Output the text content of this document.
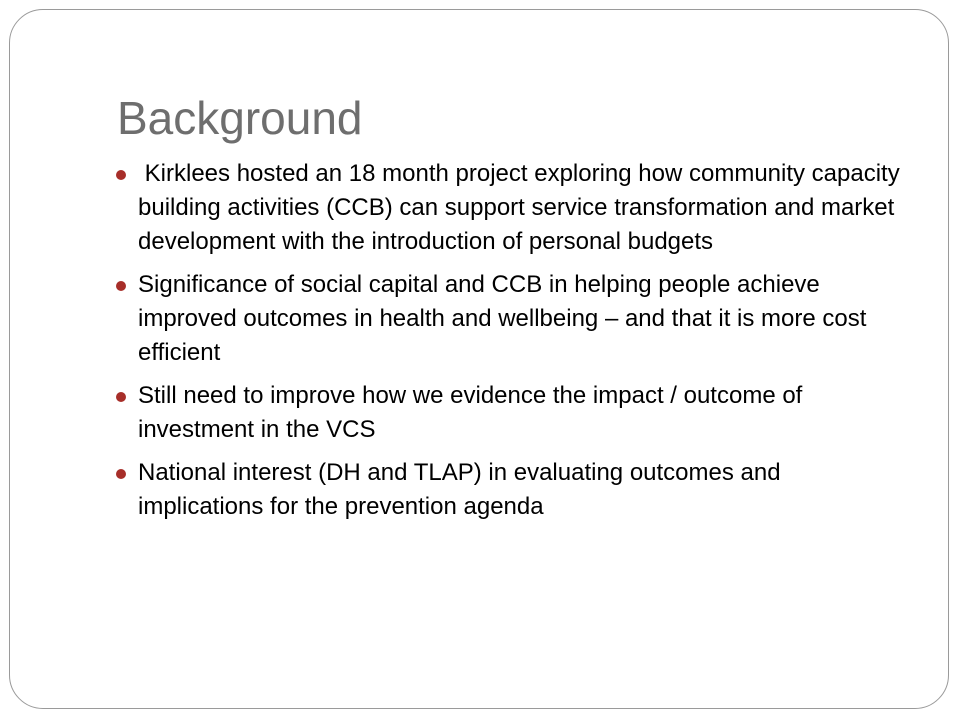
Background
Kirklees hosted an 18 month project exploring how community capacity building activities (CCB) can support service transformation and market development with the introduction of personal budgets
Significance of social capital and CCB in helping people achieve improved outcomes in health and wellbeing – and that it is more cost efficient
Still need to improve how we evidence the impact / outcome of investment in the VCS
National interest (DH and TLAP) in evaluating outcomes and implications for the prevention agenda
